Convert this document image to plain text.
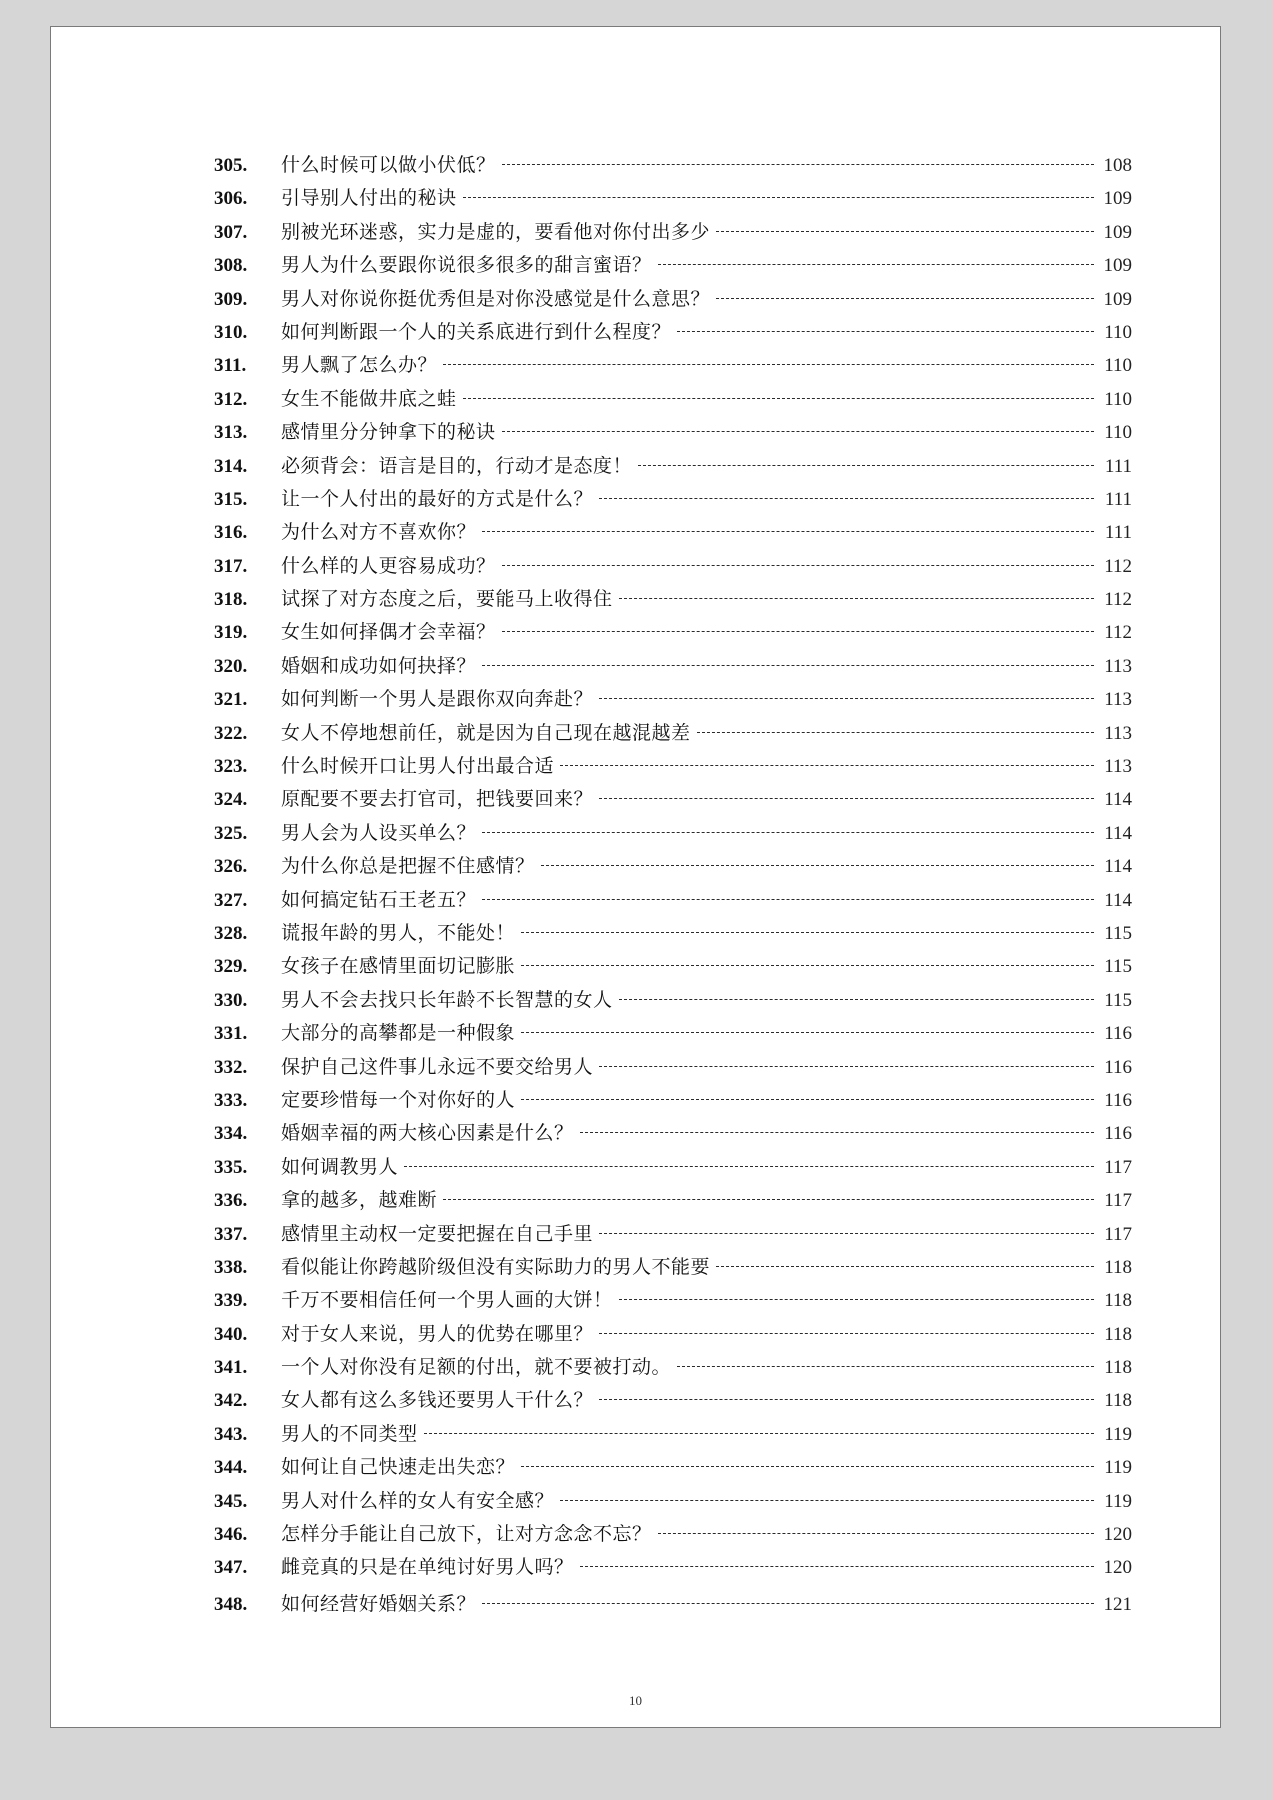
305.	什么时候可以做小伏低？	108
306.	引导别人付出的秘诀	109
307.	别被光环迷惑，实力是虚的，要看他对你付出多少	109
308.	男人为什么要跟你说很多很多的甜言蜜语？	109
309.	男人对你说你挺优秀但是对你没感觉是什么意思？	109
310.	如何判断跟一个人的关系底进行到什么程度？	110
311.	男人飘了怎么办？	110
312.	女生不能做井底之蛙	110
313.	感情里分分钟拿下的秘诀	110
314.	必须背会：语言是目的，行动才是态度！	111
315.	让一个人付出的最好的方式是什么？	111
316.	为什么对方不喜欢你？	111
317.	什么样的人更容易成功？	112
318.	试探了对方态度之后，要能马上收得住	112
319.	女生如何择偶才会幸福？	112
320.	婚姻和成功如何抉择？	113
321.	如何判断一个男人是跟你双向奔赴？	113
322.	女人不停地想前任，就是因为自己现在越混越差	113
323.	什么时候开口让男人付出最合适	113
324.	原配要不要去打官司，把钱要回来？	114
325.	男人会为人设买单么？	114
326.	为什么你总是把握不住感情？	114
327.	如何搞定钻石王老五？	114
328.	谎报年龄的男人，不能处！	115
329.	女孩子在感情里面切记膨胀	115
330.	男人不会去找只长年龄不长智慧的女人	115
331.	大部分的高攀都是一种假象	116
332.	保护自己这件事儿永远不要交给男人	116
333.	定要珍惜每一个对你好的人	116
334.	婚姻幸福的两大核心因素是什么？	116
335.	如何调教男人	117
336.	拿的越多，越难断	117
337.	感情里主动权一定要把握在自己手里	117
338.	看似能让你跨越阶级但没有实际助力的男人不能要	118
339.	千万不要相信任何一个男人画的大饼！	118
340.	对于女人来说，男人的优势在哪里？	118
341.	一个人对你没有足额的付出，就不要被打动。	118
342.	女人都有这么多钱还要男人干什么？	118
343.	男人的不同类型	119
344.	如何让自己快速走出失恋？	119
345.	男人对什么样的女人有安全感？	119
346.	怎样分手能让自己放下，让对方念念不忘？	120
347.	雌竞真的只是在单纯讨好男人吗？	120
348.	如何经营好婚姻关系？	121
10
